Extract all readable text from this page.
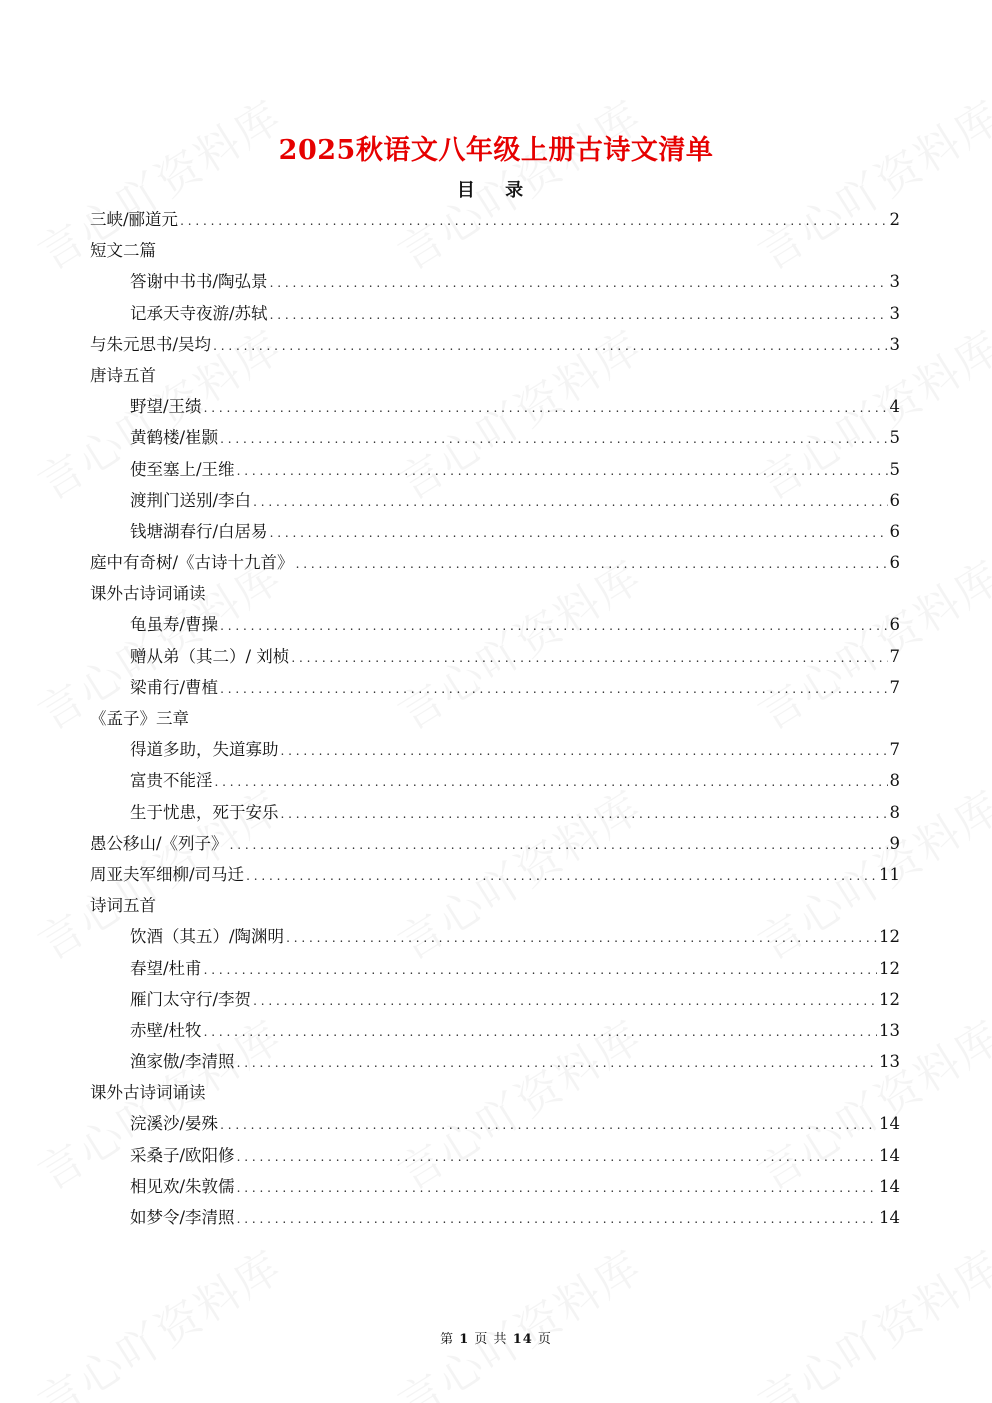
2025秋语文八年级上册古诗文清单
目 录
三峡/郦道元 . . .	2
短文二篇
答谢中书书/陶弘景 . . .	3
记承天寺夜游/苏轼 . . .	3
与朱元思书/吴均 . . .	3
唐诗五首
野望/王绩 . . .	4
黄鹤楼/崔颢 . . .	5
使至塞上/王维 . . .	5
渡荆门送别/李白 . . .	6
钱塘湖春行/白居易 . . .	6
庭中有奇树/《古诗十九首》 . . .	6
课外古诗词诵读
龟虽寿/曹操 . . .	6
赠从弟（其二）/ 刘桢 . . .	7
梁甫行/曹植 . . .	7
《孟子》三章
得道多助，失道寡助 . . .	7
富贵不能淫 . . .	8
生于忧患，死于安乐 . . .	8
愚公移山/《列子》 . . .	9
周亚夫军细柳/司马迁 . . .	11
诗词五首
饮酒（其五）/陶渊明 . . .	12
春望/杜甫 . . .	12
雁门太守行/李贺 . . .	12
赤壁/杜牧 . . .	13
渔家傲/李清照 . . .	13
课外古诗词诵读
浣溪沙/晏殊 . . .	14
采桑子/欧阳修 . . .	14
相见欢/朱敦儒 . . .	14
如梦令/李清照 . . .	14
第 1 页 共 14 页
